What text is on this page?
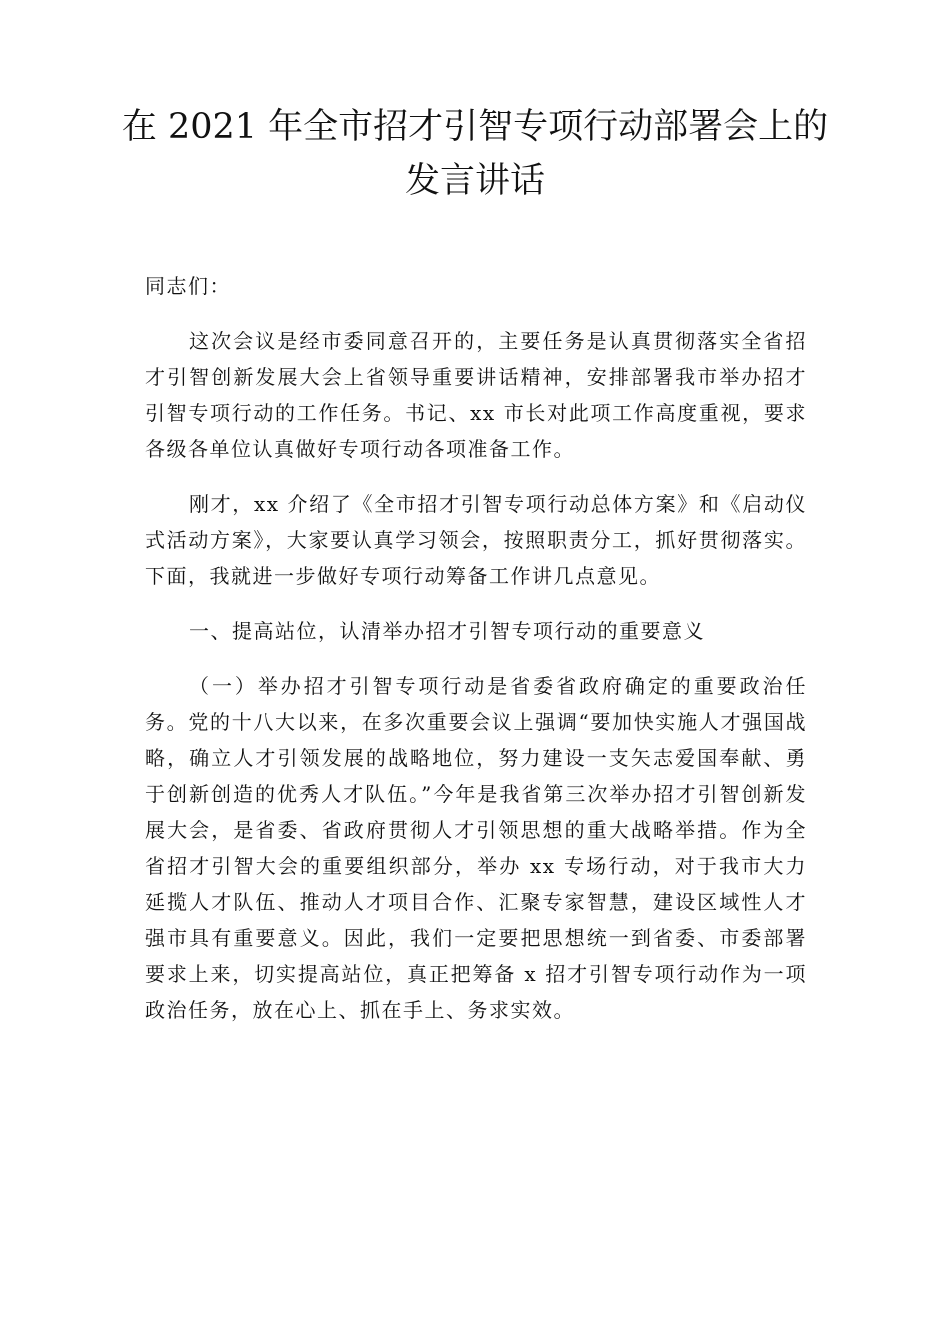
在 2021 年全市招才引智专项行动部署会上的发言讲话

同志们：

这次会议是经市委同意召开的，主要任务是认真贯彻落实全省招才引智创新发展大会上省领导重要讲话精神，安排部署我市举办招才引智专项行动的工作任务。书记、xx 市长对此项工作高度重视，要求各级各单位认真做好专项行动各项准备工作。

刚才，xx 介绍了《全市招才引智专项行动总体方案》和《启动仪式活动方案》，大家要认真学习领会，按照职责分工，抓好贯彻落实。下面，我就进一步做好专项行动筹备工作讲几点意见。

一、提高站位，认清举办招才引智专项行动的重要意义

（一）举办招才引智专项行动是省委省政府确定的重要政治任务。党的十八大以来，在多次重要会议上强调“要加快实施人才强国战略，确立人才引领发展的战略地位，努力建设一支矢志爱国奉献、勇于创新创造的优秀人才队伍。”今年是我省第三次举办招才引智创新发展大会，是省委、省政府贯彻人才引领思想的重大战略举措。作为全省招才引智大会的重要组织部分，举办 xx 专场行动，对于我市大力延揽人才队伍、推动人才项目合作、汇聚专家智慧，建设区域性人才强市具有重要意义。因此，我们一定要把思想统一到省委、市委部署要求上来，切实提高站位，真正把筹备 x 招才引智专项行动作为一项政治任务，放在心上、抓在手上、务求实效。
